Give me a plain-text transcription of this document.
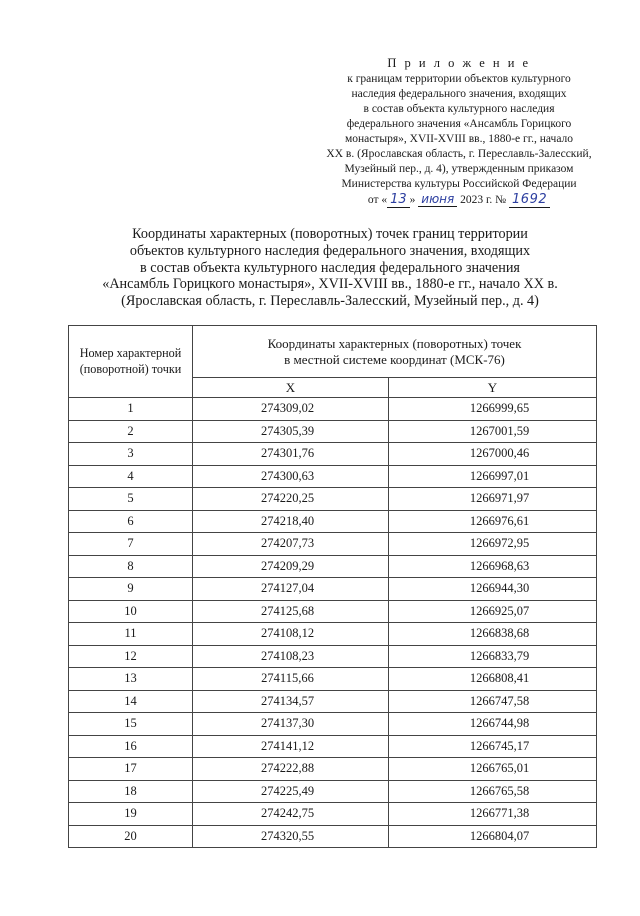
П р и л о ж е н и е
к границам территории объектов культурного
наследия федерального значения, входящих
в состав объекта культурного наследия
федерального значения «Ансамбль Горицкого
монастыря», XVII-XVIII вв., 1880-е гг., начало
XX в. (Ярославская область, г. Переславль-Залесский,
Музейный пер., д. 4), утвержденным приказом
Министерства культуры Российской Федерации
от « 13 » июня 2023 г. № 1692
Координаты характерных (поворотных) точек границ территории
объектов культурного наследия федерального значения, входящих
в состав объекта культурного наследия федерального значения
«Ансамбль Горицкого монастыря», XVII-XVIII вв., 1880-е гг., начало XX в.
(Ярославская область, г. Переславль-Залесский, Музейный пер., д. 4)
Номер характерной (поворотной) точки	Координаты характерных (поворотных) точек
в местной системе координат (МСК-76)	

	X	Y
1	274309,02	1266999,65
2	274305,39	1267001,59
3	274301,76	1267000,46
4	274300,63	1266997,01
5	274220,25	1266971,97
6	274218,40	1266976,61
7	274207,73	1266972,95
8	274209,29	1266968,63
9	274127,04	1266944,30
10	274125,68	1266925,07
11	274108,12	1266838,68
12	274108,23	1266833,79
13	274115,66	1266808,41
14	274134,57	1266747,58
15	274137,30	1266744,98
16	274141,12	1266745,17
17	274222,88	1266765,01
18	274225,49	1266765,58
19	274242,75	1266771,38
20	274320,55	1266804,07
